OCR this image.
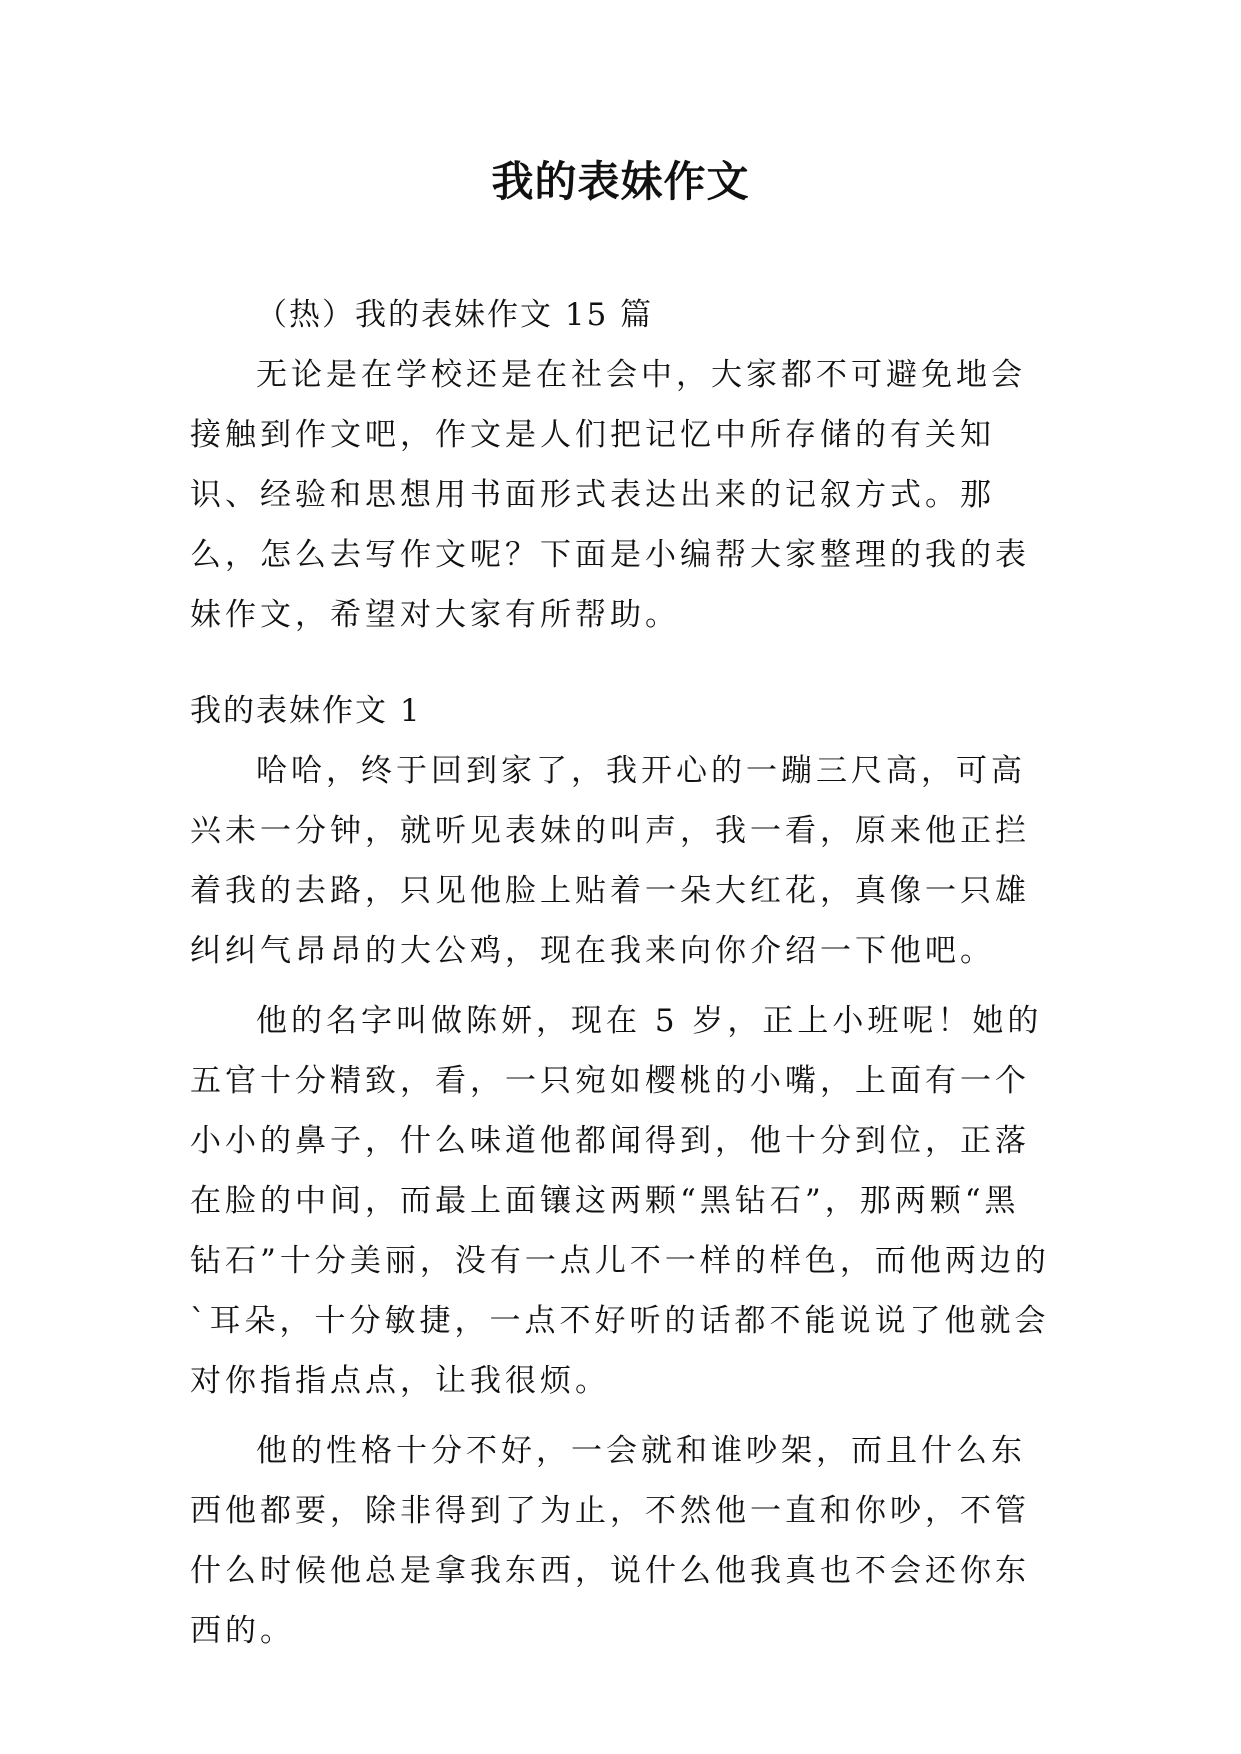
我的表妹作文

（热）我的表妹作文 15 篇

无论是在学校还是在社会中，大家都不可避免地会接触到作文吧，作文是人们把记忆中所存储的有关知识、经验和思想用书面形式表达出来的记叙方式。那么，怎么去写作文呢？下面是小编帮大家整理的我的表妹作文，希望对大家有所帮助。

我的表妹作文 1

哈哈，终于回到家了，我开心的一蹦三尺高，可高兴未一分钟，就听见表妹的叫声，我一看，原来他正拦着我的去路，只见他脸上贴着一朵大红花，真像一只雄纠纠气昂昂的大公鸡，现在我来向你介绍一下他吧。

他的名字叫做陈妍，现在 5 岁，正上小班呢！她的五官十分精致，看，一只宛如樱桃的小嘴，上面有一个小小的鼻子，什么味道他都闻得到，他十分到位，正落在脸的中间，而最上面镶这两颗“黑钻石”，那两颗“黑钻石”十分美丽，没有一点儿不一样的样色，而他两边的`耳朵，十分敏捷，一点不好听的话都不能说说了他就会对你指指点点，让我很烦。

他的性格十分不好，一会就和谁吵架，而且什么东西他都要，除非得到了为止，不然他一直和你吵，不管什么时候他总是拿我东西，说什么他我真也不会还你东西的。
